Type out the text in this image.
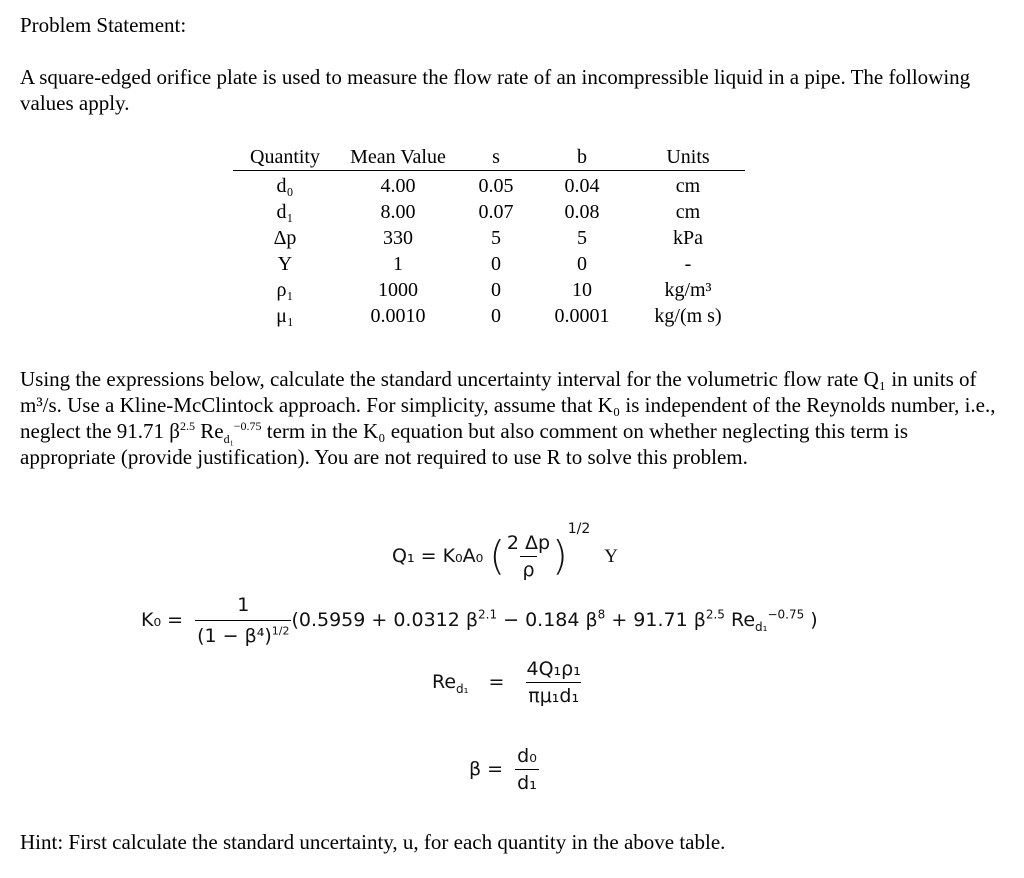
Problem Statement:
A square-edged orifice plate is used to measure the flow rate of an incompressible liquid in a pipe. The following values apply.
Quantity	Mean Value	s	b	Units
d₀	4.00	0.05	0.04	cm
d₁	8.00	0.07	0.08	cm
Δp	330	5	5	kPa
Y	1	0	0	-
ρ₁	1000	0	10	kg/m³
μ₁	0.0010	0	0.0001	kg/(m s)
Using the expressions below, calculate the standard uncertainty interval for the volumetric flow rate Q₁ in units of m³/s. Use a Kline-McClintock approach. For simplicity, assume that K₀ is independent of the Reynolds number, i.e., neglect the 91.71 $\beta^{2.5}$ $Re_{d_1}^{-0.75}$ term in the K₀ equation but also comment on whether neglecting this term is appropriate (provide justification). You are not required to use R to solve this problem.
Q₁ = K₀A₀ ( $\frac{2 \Delta p}{\rho} )^{1/2}$ Y
$K_0 = \frac{1}{(1 - \beta^4)^{1/2}} (0.5959 + 0.0312$ $\beta^{2.1} - 0.184$ $\beta^8 + 91.71$ $\beta^{2.5}$ $Re_{d_1}^{-0.75}$ )
$Re_{d_1} = \frac{\text{4Q₁ρ₁}}{\text{πμ₁d₁}}$
$\beta = \frac{\text{d₀}}{\text{d₁}}$
Hint: First calculate the standard uncertainty, u, for each quantity in the above table.
